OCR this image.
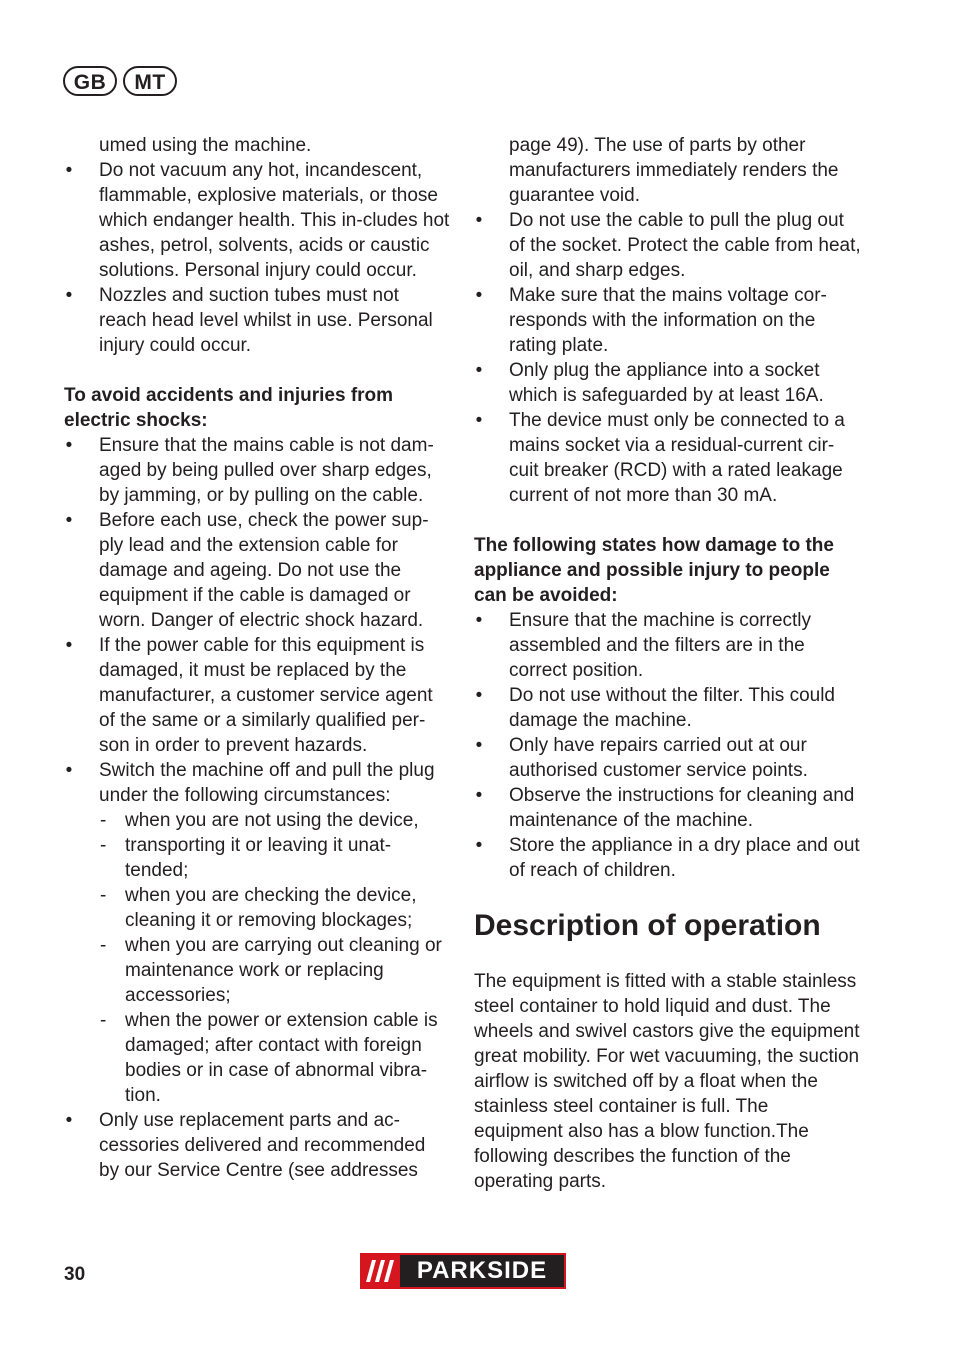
GB	MT

umed using the machine.

• Do not vacuum any hot, incandescent, flammable, explosive materials, or those which endanger health. This in-cludes hot ashes, petrol, solvents, acids or caustic solutions. Personal injury could occur.
• Nozzles and suction tubes must not reach head level whilst in use. Personal injury could occur.

To avoid accidents and injuries from electric shocks:

• Ensure that the mains cable is not dam-aged by being pulled over sharp edges, by jamming, or by pulling on the cable.
• Before each use, check the power sup-ply lead and the extension cable for damage and ageing. Do not use the equipment if the cable is damaged or worn. Danger of electric shock hazard.
• If the power cable for this equipment is damaged, it must be replaced by the manufacturer, a customer service agent of the same or a similarly qualified per-son in order to prevent hazards.
• Switch the machine off and pull the plug under the following circumstances:
- when you are not using the device,
- transporting it or leaving it unat-tended;
- when you are checking the device, cleaning it or removing blockages;
- when you are carrying out cleaning or maintenance work or replacing accessories;
- when the power or extension cable is damaged; after contact with foreign bodies or in case of abnormal vibra-tion.
• Only use replacement parts and ac-cessories delivered and recommended by our Service Centre (see addresses

page 49). The use of parts by other manufacturers immediately renders the guarantee void.

• Do not use the cable to pull the plug out of the socket. Protect the cable from heat, oil, and sharp edges.
• Make sure that the mains voltage cor-responds with the information on the rating plate.
• Only plug the appliance into a socket which is safeguarded by at least 16A.
• The device must only be connected to a mains socket via a residual-current cir-cuit breaker (RCD) with a rated leakage current of not more than 30 mA.

The following states how damage to the appliance and possible injury to people can be avoided:

• Ensure that the machine is correctly assembled and the filters are in the correct position.
• Do not use without the filter. This could damage the machine.
• Only have repairs carried out at our authorised customer service points.
• Observe the instructions for cleaning and maintenance of the machine.
• Store the appliance in a dry place and out of reach of children.
Description of operation

The equipment is fitted with a stable stainless steel container to hold liquid and dust. The wheels and swivel castors give the equipment great mobility. For wet vacuuming, the suction airflow is switched off by a float when the stainless steel container is full. The equipment also has a blow function.The following describes the function of the operating parts.

30	PARKSIDE
